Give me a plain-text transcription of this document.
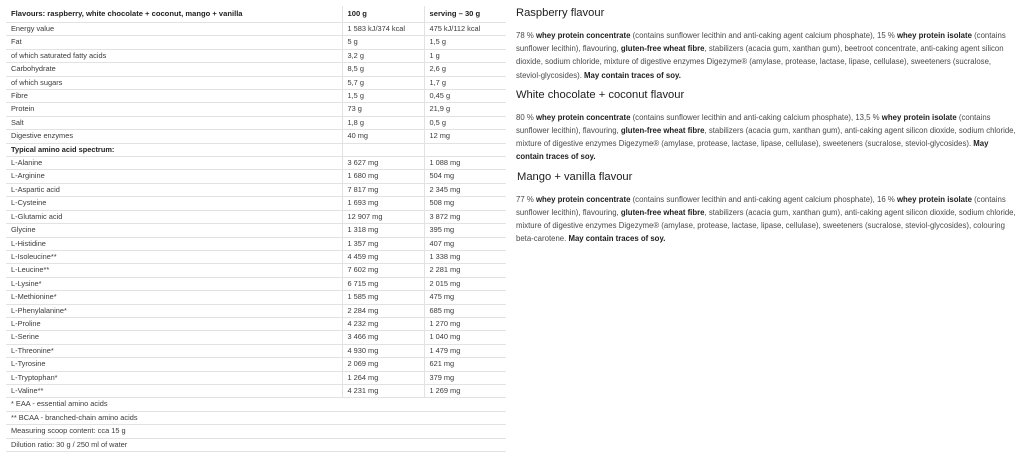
Flavours: raspberry, white chocolate + coconut, mango + vanilla	100 g	serving – 30 g
Energy value	1 583 kJ/374 kcal	475 kJ/112 kcal
Fat	5 g	1,5 g
of which saturated fatty acids	3,2 g	1 g
Carbohydrate	8,5 g	2,6 g
of which sugars	5,7 g	1,7 g
Fibre	1,5 g	0,45 g
Protein	73 g	21,9 g
Salt	1,8 g	0,5 g
Digestive enzymes	40 mg	12 mg
Typical amino acid spectrum:		
L-Alanine	3 627 mg	1 088 mg
L-Arginine	1 680 mg	504 mg
L-Aspartic acid	7 817 mg	2 345 mg
L-Cysteine	1 693 mg	508 mg
L-Glutamic acid	12 907 mg	3 872 mg
Glycine	1 318 mg	395 mg
L-Histidine	1 357 mg	407 mg
L-Isoleucine**	4 459 mg	1 338 mg
L-Leucine**	7 602 mg	2 281 mg
L-Lysine*	6 715 mg	2 015 mg
L-Methionine*	1 585 mg	475 mg
L-Phenylalanine*	2 284 mg	685 mg
L-Proline	4 232 mg	1 270 mg
L-Serine	3 466 mg	1 040 mg
L-Threonine*	4 930 mg	1 479 mg
L-Tyrosine	2 069 mg	621 mg
L-Tryptophan*	1 264 mg	379 mg
L-Valine**	4 231 mg	1 269 mg
* EAA - essential amino acids		
** BCAA - branched-chain amino acids		
Measuring scoop content: cca 15 g		
Dilution ratio: 30 g / 250 ml of water		
Raspberry flavour

78 % whey protein concentrate (contains sunflower lecithin and anti-caking agent calcium phosphate), 15 % whey protein isolate (contains sunflower lecithin), flavouring, gluten-free wheat fibre, stabilizers (acacia gum, xanthan gum), beetroot concentrate, anti-caking agent silicon dioxide, sodium chloride, mixture of digestive enzymes Digezyme® (amylase, protease, lactase, lipase, cellulase), sweeteners (sucralose, steviol-glycosides). May contain traces of soy.

White chocolate + coconut flavour

80 % whey protein concentrate (contains sunflower lecithin and anti-caking calcium phosphate), 13,5 % whey protein isolate (contains sunflower lecithin), flavouring, gluten-free wheat fibre, stabilizers (acacia gum, xanthan gum), anti-caking agent silicon dioxide, sodium chloride, mixture of digestive enzymes Digezyme® (amylase, protease, lactase, lipase, cellulase), sweeteners (sucralose, steviol-glycosides). May contain traces of soy.

Mango + vanilla flavour

77 % whey protein concentrate (contains sunflower lecithin and anti-caking agent calcium phosphate), 16 % whey protein isolate (contains sunflower lecithin), flavouring, gluten-free wheat fibre, stabilizers (acacia gum, xanthan gum), anti-caking agent silicon dioxide, sodium chloride, mixture of digestive enzymes Digezyme® (amylase, protease, lactase, lipase, cellulase), sweeteners (sucralose, steviol-glycosides), colouring beta-carotene. May contain traces of soy.
